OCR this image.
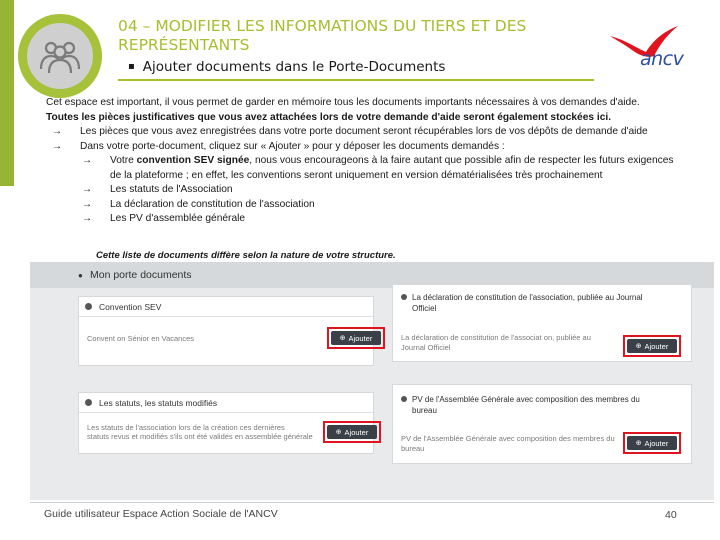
04 – MODIFIER LES INFORMATIONS DU TIERS ET DES REPRÉSENTANTS
▪ Ajouter documents dans le Porte-Documents	ancv
Cet espace est important, il vous permet de garder en mémoire tous les documents importants nécessaires à vos demandes d'aide.
Toutes les pièces justificatives que vous avez attachées lors de votre demande d'aide seront également stockées ici.
→ Les pièces que vous avez enregistrées dans votre porte document seront récupérables lors de vos dépôts de demande d'aide
→ Dans votre porte-document, cliquez sur « Ajouter » pour y déposer les documents demandés :
→ Votre convention SEV signée, nous vous encourageons à la faire autant que possible afin de respecter les futurs exigences
de la plateforme ; en effet, les conventions seront uniquement en version dématérialisées très prochainement
→ Les statuts de l'Association
→ La déclaration de constitution de l'association
→ Les PV d'assemblée générale
● Mon porte documents
Convention SEV
Convent on Sénior en Vacances	⊕ Ajouter
Les statuts, les statuts modifiés
Les statuts de l'association lors de la création ces dernières
statuts revus et modifiés s'ils ont été validés en assemblée générale	⊕ Ajouter
La déclaration de constitution de l'association, publiée au Journal
Officiel
La déclaration de constitution de l'associat on, publiée au
Journal Officiel	⊕ Ajouter
PV de l'Assemblée Générale avec composition des membres du
bureau
PV de l'Assemblée Générale avec composition des membres du
bureau
⊕ Ajouter
Cette liste de documents diffère selon la nature de votre structure.
Guide utilisateur Espace Action Sociale de l'ANCV	40
